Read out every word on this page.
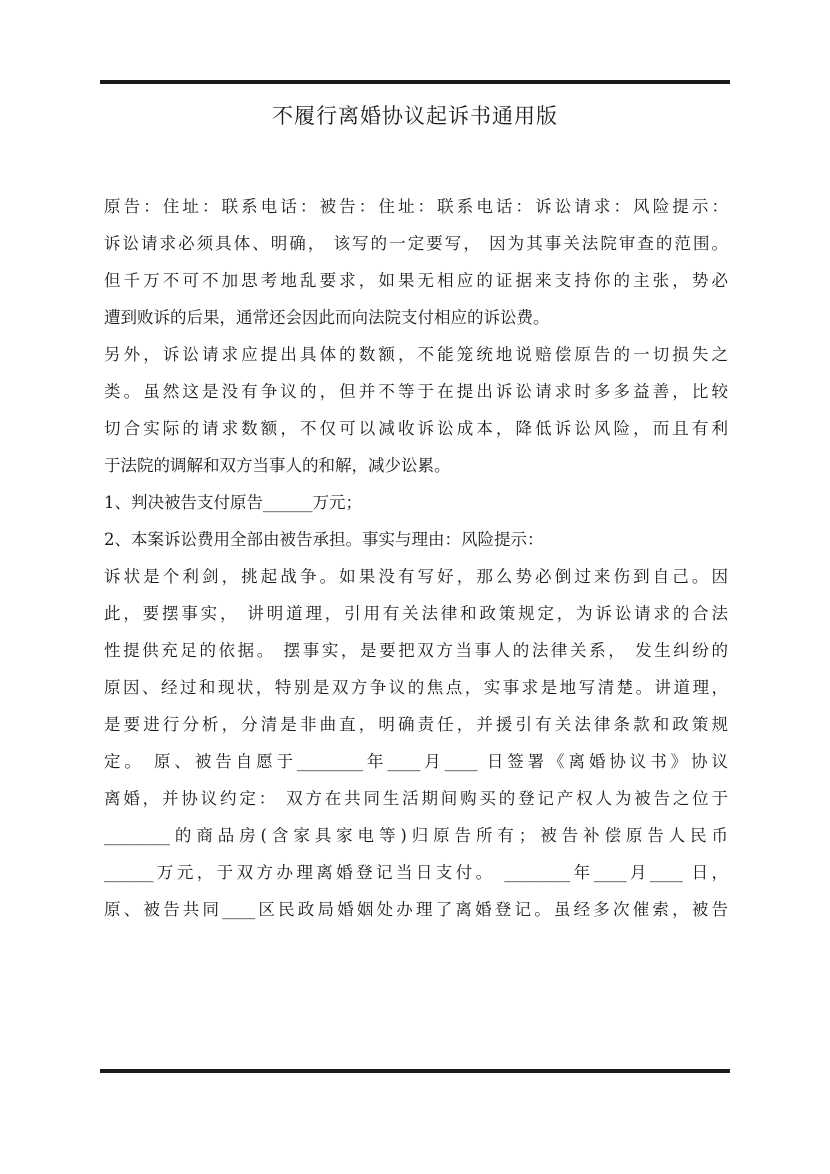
不履行离婚协议起诉书通用版
原告：住址：联系电话：被告：住址：联系电话：诉讼请求：风险提示：
诉讼请求必须具体、明确， 该写的一定要写， 因为其事关法院审查的范围。
但千万不可不加思考地乱要求，如果无相应的证据来支持你的主张，势必
遭到败诉的后果，通常还会因此而向法院支付相应的诉讼费。
另外，诉讼请求应提出具体的数额，不能笼统地说赔偿原告的一切损失之
类。虽然这是没有争议的，但并不等于在提出诉讼请求时多多益善，比较
切合实际的请求数额，不仅可以减收诉讼成本，降低诉讼风险，而且有利
于法院的调解和双方当事人的和解，减少讼累。
1、判决被告支付原告______万元；
2、本案诉讼费用全部由被告承担。事实与理由：风险提示：
诉状是个利剑，挑起战争。如果没有写好，那么势必倒过来伤到自己。因
此，要摆事实， 讲明道理，引用有关法律和政策规定，为诉讼请求的合法
性提供充足的依据。 摆事实，是要把双方当事人的法律关系， 发生纠纷的
原因、经过和现状，特别是双方争议的焦点，实事求是地写清楚。讲道理，
是要进行分析，分清是非曲直，明确责任，并援引有关法律条款和政策规
定。 原、被告自愿于________年____月____ 日签署《离婚协议书》协议
离婚，并协议约定： 双方在共同生活期间购买的登记产权人为被告之位于
________的商品房(含家具家电等)归原告所有；被告补偿原告人民币
______万元，于双方办理离婚登记当日支付。 ________年____月____ 日，
原、被告共同____区民政局婚姻处办理了离婚登记。虽经多次催索，被告
